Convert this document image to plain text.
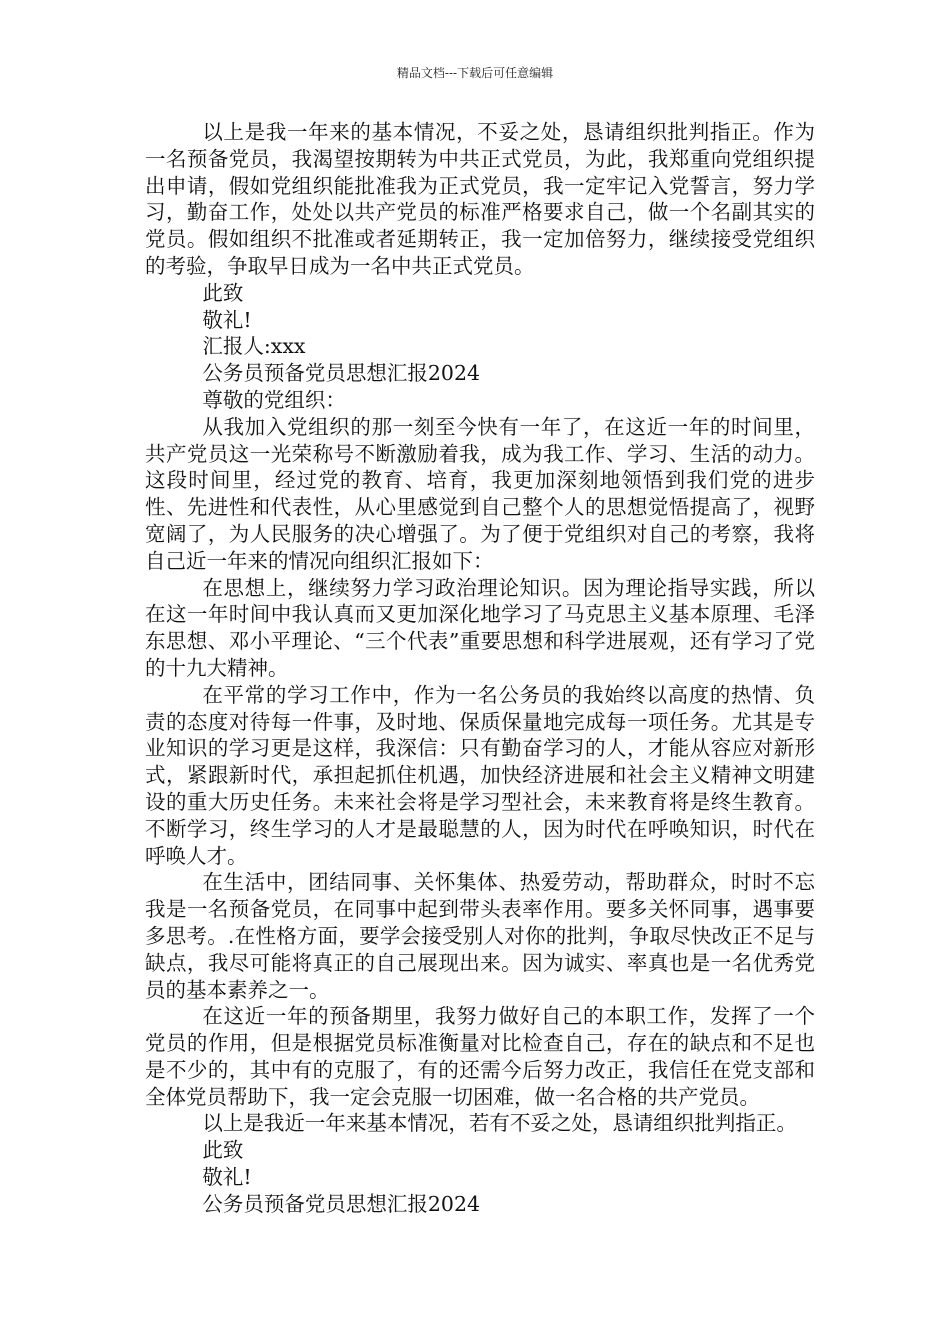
精品文档---下载后可任意编辑

以上是我一年来的基本情况，不妥之处，恳请组织批判指正。作为一名预备党员，我渴望按期转为中共正式党员，为此，我郑重向党组织提出申请，假如党组织能批准我为正式党员，我一定牢记入党誓言，努力学习，勤奋工作，处处以共产党员的标准严格要求自己，做一个名副其实的党员。假如组织不批准或者延期转正，我一定加倍努力，继续接受党组织的考验，争取早日成为一名中共正式党员。

此致

敬礼!

汇报人:xxx

公务员预备党员思想汇报2024

尊敬的党组织：

从我加入党组织的那一刻至今快有一年了，在这近一年的时间里，共产党员这一光荣称号不断激励着我，成为我工作、学习、生活的动力。这段时间里，经过党的教育、培育，我更加深刻地领悟到我们党的进步性、先进性和代表性，从心里感觉到自己整个人的思想觉悟提高了，视野宽阔了，为人民服务的决心增强了。为了便于党组织对自己的考察，我将自己近一年来的情况向组织汇报如下：

在思想上，继续努力学习政治理论知识。因为理论指导实践，所以在这一年时间中我认真而又更加深化地学习了马克思主义基本原理、毛泽东思想、邓小平理论、“三个代表”重要思想和科学进展观，还有学习了党的十九大精神。

在平常的学习工作中，作为一名公务员的我始终以高度的热情、负责的态度对待每一件事，及时地、保质保量地完成每一项任务。尤其是专业知识的学习更是这样，我深信：只有勤奋学习的人，才能从容应对新形式，紧跟新时代，承担起抓住机遇，加快经济进展和社会主义精神文明建设的重大历史任务。未来社会将是学习型社会，未来教育将是终生教育。不断学习，终生学习的人才是最聪慧的人，因为时代在呼唤知识，时代在呼唤人才。

在生活中，团结同事、关怀集体、热爱劳动，帮助群众，时时不忘我是一名预备党员，在同事中起到带头表率作用。要多关怀同事，遇事要多思考。.在性格方面，要学会接受别人对你的批判，争取尽快改正不足与缺点，我尽可能将真正的自己展现出来。因为诚实、率真也是一名优秀党员的基本素养之一。

在这近一年的预备期里，我努力做好自己的本职工作，发挥了一个党员的作用，但是根据党员标准衡量对比检查自己，存在的缺点和不足也是不少的，其中有的克服了，有的还需今后努力改正，我信任在党支部和全体党员帮助下，我一定会克服一切困难，做一名合格的共产党员。

以上是我近一年来基本情况，若有不妥之处，恳请组织批判指正。

此致

敬礼!

公务员预备党员思想汇报2024
